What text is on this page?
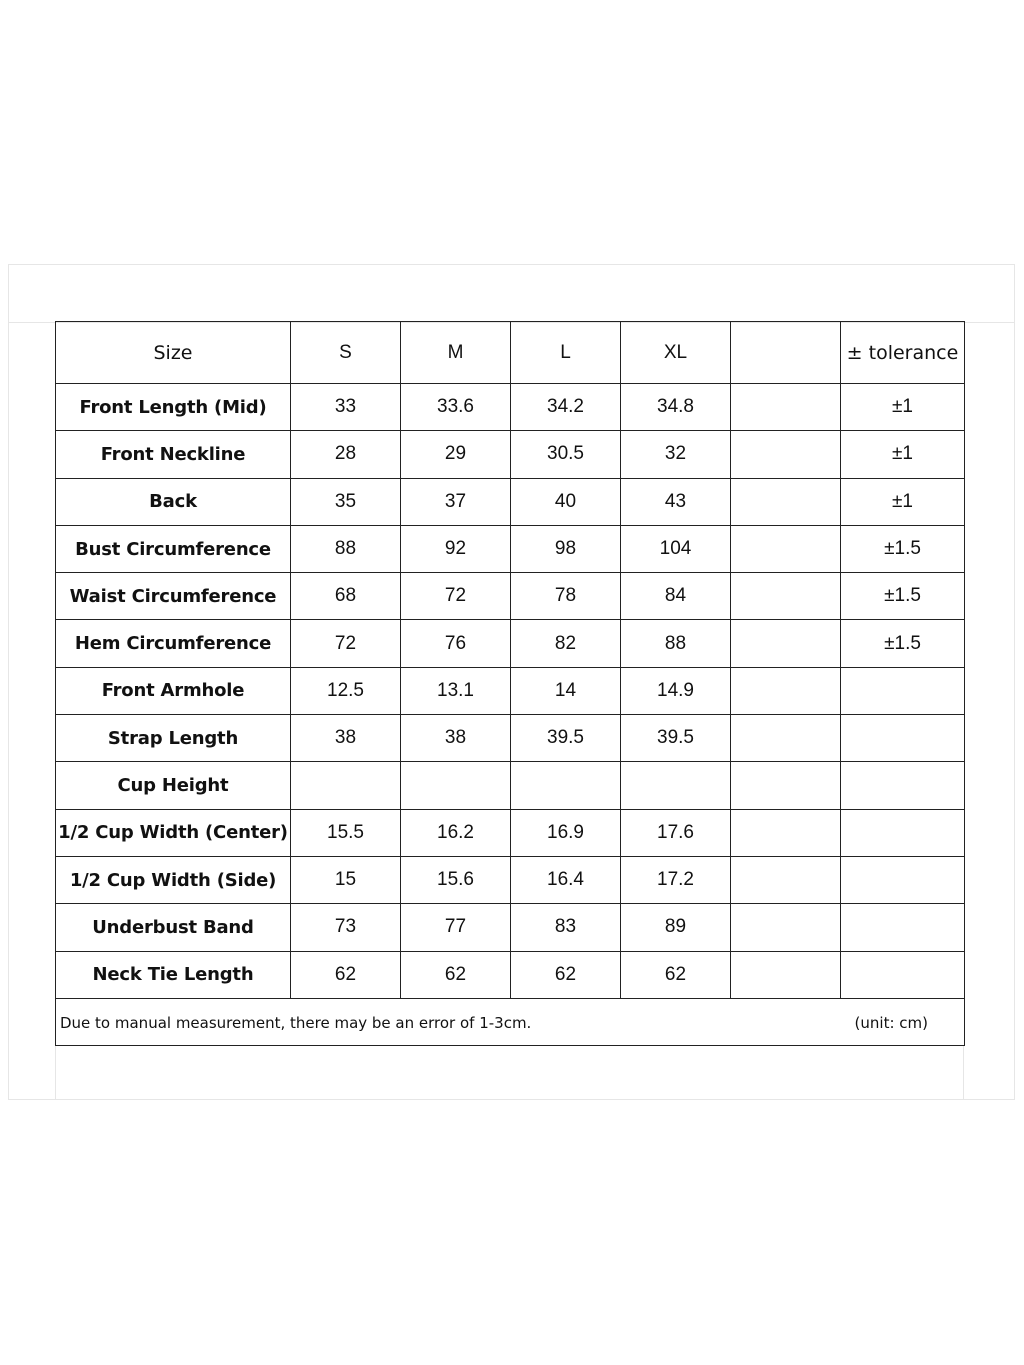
Size	S	M	L	XL		± tolerance
Front Length (Mid)	33	33.6	34.2	34.8		±1
Front Neckline	28	29	30.5	32		±1
Back	35	37	40	43		±1
Bust Circumference	88	92	98	104		±1.5
Waist Circumference	68	72	78	84		±1.5
Hem Circumference	72	76	82	88		±1.5
Front Armhole	12.5	13.1	14	14.9		
Strap Length	38	38	39.5	39.5		
Cup Height						
1/2 Cup Width (Center)	15.5	16.2	16.9	17.6		
1/2 Cup Width (Side)	15	15.6	16.4	17.2		
Underbust Band	73	77	83	89		
Neck Tie Length	62	62	62	62		

Due to manual measurement, there may be an error of 1-3cm. (unit: cm)						
